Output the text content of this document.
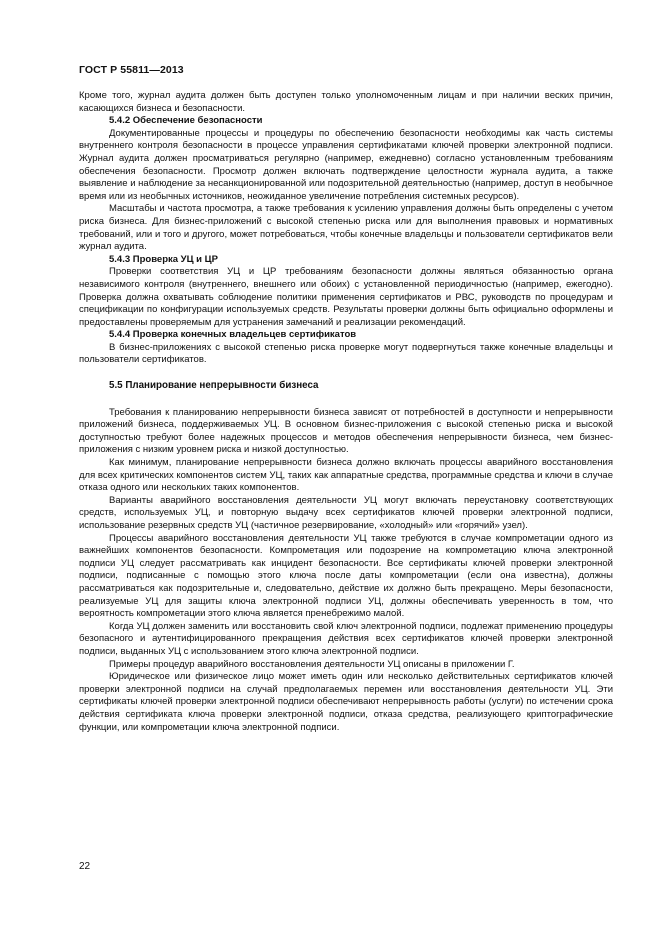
ГОСТ Р 55811—2013

Кроме того, журнал аудита должен быть доступен только уполномоченным лицам и при наличии веских причин, касающихся бизнеса и безопасности.

5.4.2 Обеспечение безопасности

Документированные процессы и процедуры по обеспечению безопасности необходимы как часть системы внутреннего контроля безопасности в процессе управления сертификатами ключей проверки электронной подписи. Журнал аудита должен просматриваться регулярно (например, ежедневно) согласно установленным требованиям обеспечения безопасности. Просмотр должен включать подтверждение целостности журнала аудита, а также выявление и наблюдение за несанкционированной или подозрительной деятельностью (например, доступ в необычное время или из необычных источников, неожиданное увеличение потребления системных ресурсов).

Масштабы и частота просмотра, а также требования к усилению управления должны быть определены с учетом риска бизнеса. Для бизнес-приложений с высокой степенью риска или для выполнения правовых и нормативных требований, или и того и другого, может потребоваться, чтобы конечные владельцы и пользователи сертификатов вели журнал аудита.

5.4.3 Проверка УЦ и ЦР

Проверки соответствия УЦ и ЦР требованиям безопасности должны являться обязанностью органа независимого контроля (внутреннего, внешнего или обоих) с установленной периодичностью (например, ежегодно). Проверка должна охватывать соблюдение политики применения сертификатов и РВС, руководств по процедурам и спецификации по конфигурации используемых средств. Результаты проверки должны быть официально оформлены и предоставлены проверяемым для устранения замечаний и реализации рекомендаций.

5.4.4 Проверка конечных владельцев сертификатов

В бизнес-приложениях с высокой степенью риска проверке могут подвергнуться также конечные владельцы и пользователи сертификатов.

5.5 Планирование непрерывности бизнеса

Требования к планированию непрерывности бизнеса зависят от потребностей в доступности и непрерывности приложений бизнеса, поддерживаемых УЦ. В основном бизнес-приложения с высокой степенью риска и высокой доступностью требуют более надежных процессов и методов обеспечения непрерывности бизнеса, чем бизнес-приложения с низким уровнем риска и низкой доступностью.

Как минимум, планирование непрерывности бизнеса должно включать процессы аварийного восстановления для всех критических компонентов систем УЦ, таких как аппаратные средства, программные средства и ключи в случае отказа одного или нескольких таких компонентов.

Варианты аварийного восстановления деятельности УЦ могут включать переустановку соответствующих средств, используемых УЦ, и повторную выдачу всех сертификатов ключей проверки электронной подписи, использование резервных средств УЦ (частичное резервирование, «холодный» или «горячий» узел).

Процессы аварийного восстановления деятельности УЦ также требуются в случае компрометации одного из важнейших компонентов безопасности. Компрометация или подозрение на компрометацию ключа электронной подписи УЦ следует рассматривать как инцидент безопасности. Все сертификаты ключей проверки электронной подписи, подписанные с помощью этого ключа после даты компрометации (если она известна), должны рассматриваться как подозрительные и, следовательно, действие их должно быть прекращено. Меры безопасности, реализуемые УЦ для защиты ключа электронной подписи УЦ, должны обеспечивать уверенность в том, что вероятность компрометации этого ключа является пренебрежимо малой.

Когда УЦ должен заменить или восстановить свой ключ электронной подписи, подлежат применению процедуры безопасного и аутентифицированного прекращения действия всех сертификатов ключей проверки электронной подписи, выданных УЦ с использованием этого ключа электронной подписи.

Примеры процедур аварийного восстановления деятельности УЦ описаны в приложении Г.

Юридическое или физическое лицо может иметь один или несколько действительных сертификатов ключей проверки электронной подписи на случай предполагаемых перемен или восстановления деятельности УЦ. Эти сертификаты ключей проверки электронной подписи обеспечивают непрерывность работы (услуги) по истечении срока действия сертификата ключа проверки электронной подписи, отказа средства, реализующего криптографические функции, или компрометации ключа электронной подписи.

22
